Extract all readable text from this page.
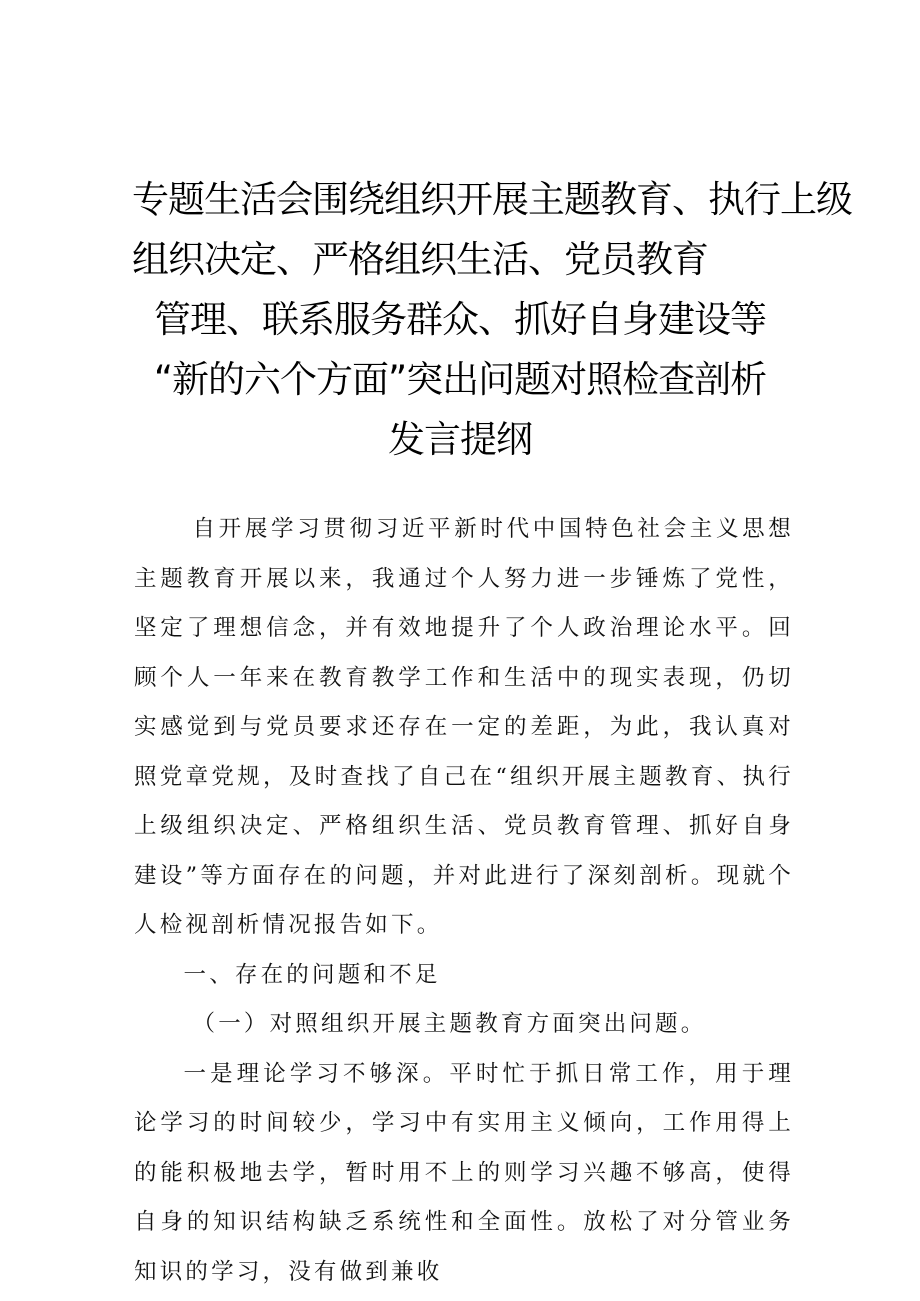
专题生活会围绕组织开展主题教育、执行上级
组织决定、严格组织生活、党员教育
管理、联系服务群众、抓好自身建设等
“新的六个方面”突出问题对照检查剖析
发言提纲

自开展学习贯彻习近平新时代中国特色社会主义思想主题教育开展以来，我通过个人努力进一步锤炼了党性，坚定了理想信念，并有效地提升了个人政治理论水平。回顾个人一年来在教育教学工作和生活中的现实表现，仍切实感觉到与党员要求还存在一定的差距，为此，我认真对照党章党规，及时查找了自己在“组织开展主题教育、执行上级组织决定、严格组织生活、党员教育管理、抓好自身建设”等方面存在的问题，并对此进行了深刻剖析。现就个人检视剖析情况报告如下。

一、存在的问题和不足

（一）对照组织开展主题教育方面突出问题。

一是理论学习不够深。平时忙于抓日常工作，用于理论学习的时间较少，学习中有实用主义倾向，工作用得上的能积极地去学，暂时用不上的则学习兴趣不够高，使得自身的知识结构缺乏系统性和全面性。放松了对分管业务知识的学习，没有做到兼收
